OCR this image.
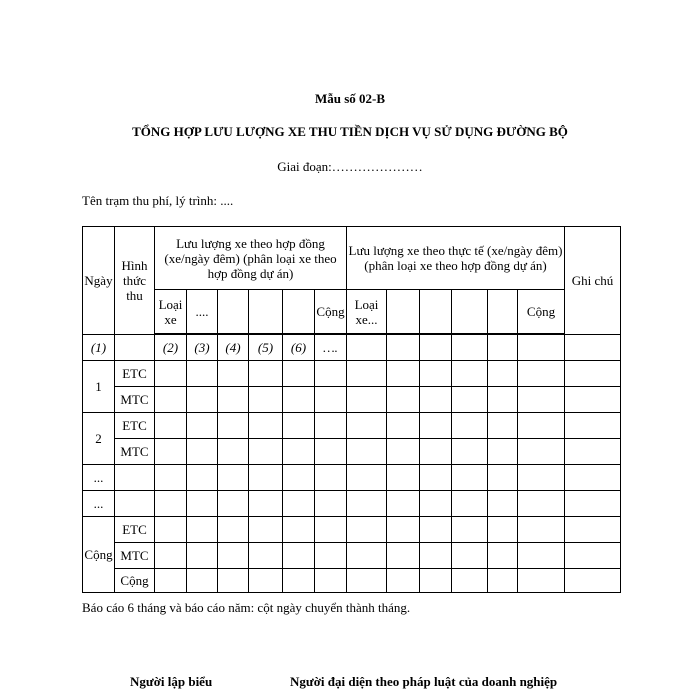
Mẫu số 02-B
TỔNG HỢP LƯU LƯỢNG XE THU TIỀN DỊCH VỤ SỬ DỤNG ĐƯỜNG BỘ
Giai đoạn:…………………
Tên trạm thu phí, lý trình: ....
Ngày	Hình thức thu	Lưu lượng xe theo hợp đồng (xe/ngày đêm) (phân loại xe theo hợp đồng dự án)						Lưu lượng xe theo thực tế (xe/ngày đêm) (phân loại xe theo hợp đồng dự án)						Ghi chú
		Loại xe	....				Cộng	Loại xe...					Cộng	

(1)		(2)	(3)	(4)	(5)	(6)	….							
1	ETC													
	MTC													
2	ETC													
	MTC													
...														
...														
Cộng	ETC													
	MTC													
	Cộng													
Báo cáo 6 tháng và báo cáo năm: cột ngày chuyển thành tháng.
Người lập biểu	Người đại diện theo pháp luật của doanh nghiệp
